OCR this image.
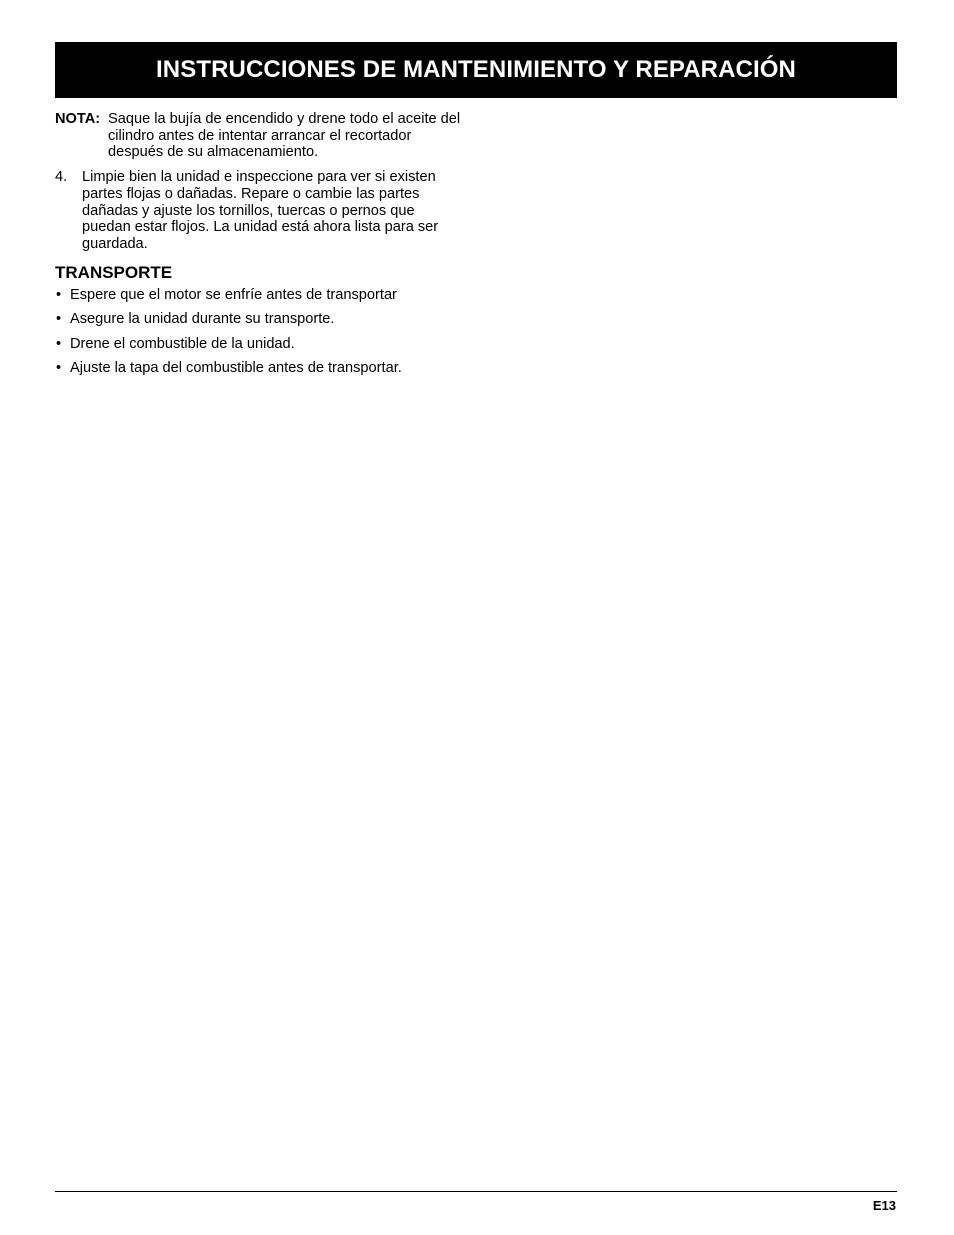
INSTRUCCIONES DE MANTENIMIENTO Y REPARACIÓN
NOTA: Saque la bujía de encendido y drene todo el aceite del cilindro antes de intentar arrancar el recortador después de su almacenamiento.
4.	Limpie bien la unidad e inspeccione para ver si existen partes flojas o dañadas. Repare o cambie las partes dañadas y ajuste los tornillos, tuercas o pernos que puedan estar flojos. La unidad está ahora lista para ser guardada.
TRANSPORTE
• Espere que el motor se enfríe antes de transportar
• Asegure la unidad durante su transporte.
• Drene el combustible de la unidad.
• Ajuste la tapa del combustible antes de transportar.
E13
